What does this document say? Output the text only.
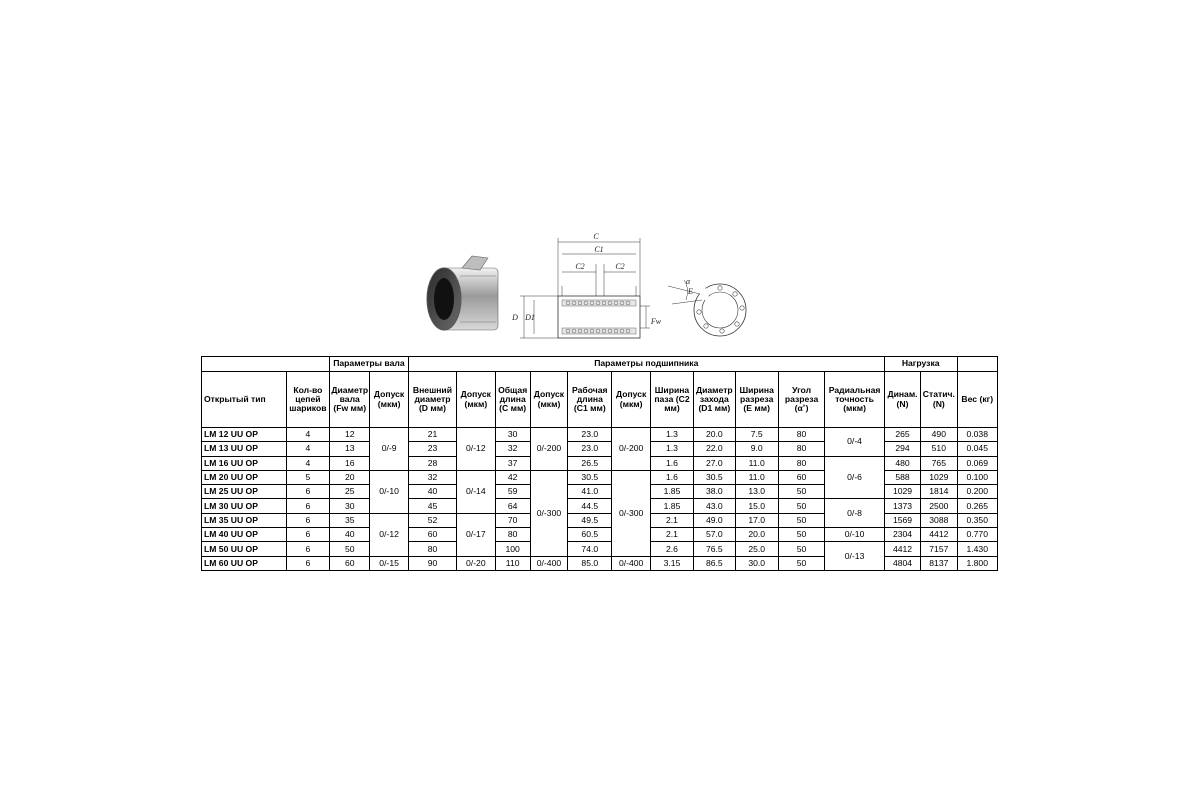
C
C1
C2	C2
D D1	Fw
E
α
		Параметры вала		Параметры подшипника											Нагрузка		
Открытый тип	Кол-во цепей шариков	Диаметр вала (Fw мм)	Допуск (мкм)	Внешний диаметр (D мм)	Допуск (мкм)	Общая длина (С мм)	Допуск (мкм)	Рабочая длина (С1 мм)	Допуск (мкм)	Ширина паза (С2 мм)	Диаметр захода (D1 мм)	Ширина разреза (Е мм)	Угол разреза (α˚)	Радиальная точность (мкм)	Динам. (N)	Статич. (N)	Вес (кг)
LM 12 UU OP	4	12	0/-9	21	0/-12	30	0/-200	23.0	0/-200	1.3	20.0	7.5	80	0/-4	265	490	0.038
LM 13 UU OP	4	13		23		32		23.0		1.3	22.0	9.0	80		294	510	0.045
LM 16 UU OP	4	16		28		37		26.5		1.6	27.0	11.0	80	0/-6	480	765	0.069
LM 20 UU OP	5	20	0/-10	32	0/-14	42	0/-300	30.5	0/-300	1.6	30.5	11.0	60		588	1029	0.100
LM 25 UU OP	6	25		40		59		41.0		1.85	38.0	13.0	50		1029	1814	0.200
LM 30 UU OP	6	30		45		64		44.5		1.85	43.0	15.0	50	0/-8	1373	2500	0.265
LM 35 UU OP	6	35	0/-12	52	0/-17	70		49.5		2.1	49.0	17.0	50		1569	3088	0.350
LM 40 UU OP	6	40		60		80		60.5		2.1	57.0	20.0	50	0/-10	2304	4412	0.770
LM 50 UU OP	6	50		80		100		74.0		2.6	76.5	25.0	50	0/-13	4412	7157	1.430
LM 60 UU OP	6	60	0/-15	90	0/-20	110	0/-400	85.0	0/-400	3.15	86.5	30.0	50		4804	8137	1.800
